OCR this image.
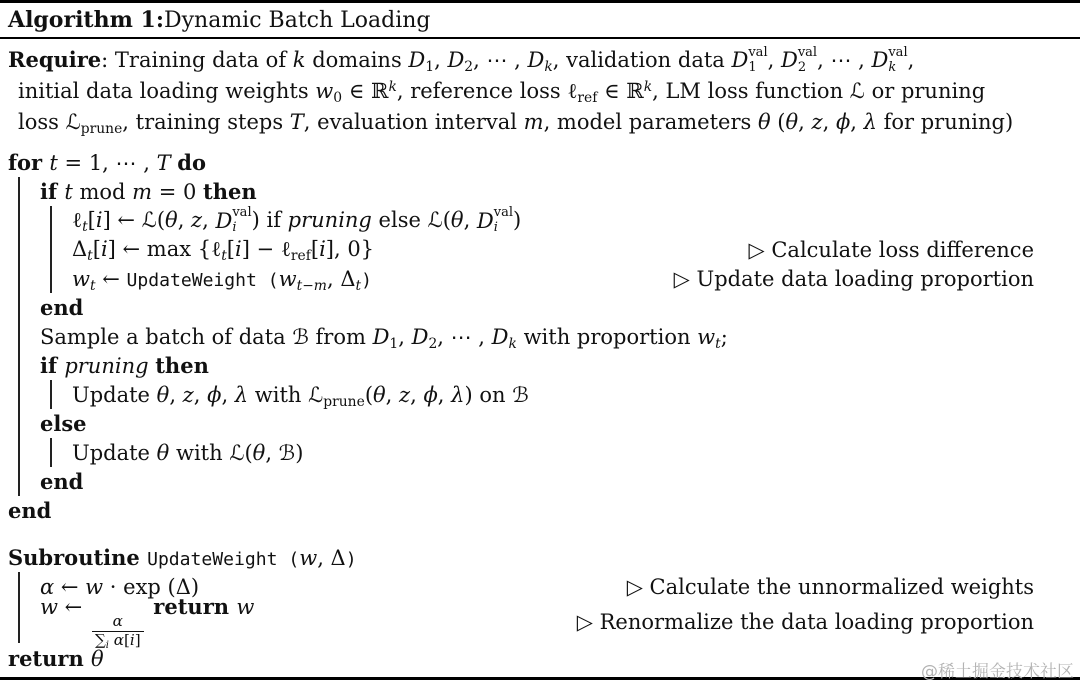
Algorithm 1: Dynamic Batch Loading
Require: Training data of k domains $D_1$, $D_2$, ⋯ , $D_k$, validation data D val
1 , D val
2 , ⋯ , D val
k ,
initial data loading weights $w_0$ ∈ ℝ$^k$, reference loss ℓ$_{ref}$ ∈ ℝ$^k$, LM loss function ℒ or pruning
loss ℒ$_{prune}$, training steps T, evaluation interval m, model parameters θ (θ, z, ϕ, λ for pruning)
for t = 1, ⋯ , T do
if t mod m = 0 then
ℓ$_t$[i] ← ℒ(θ, z, D val
i ) if pruning else ℒ(θ, D val
i )
$\Delta_t[i]$ ← max {ℓ$_t$[i] − ℓ$_{ref}$[i], 0}	▷ Calculate loss difference
$w_t$ ← UpdateWeight ($w_{t-m}$, $\Delta_t$)	▷ Update data loading proportion
end
Sample a batch of data ℬ from $D_1$, $D_2$, ⋯ , $D_k$ with proportion $w_t$;
if pruning then
Update θ, z, ϕ, λ with ℒ$_{prune}$(θ, z, ϕ, λ) on ℬ
else
Update θ with ℒ(θ, ℬ)
end
end
Subroutine UpdateWeight (w, Δ)
α ← w · exp (Δ)	▷ Calculate the unnormalized weights
w ←
$\frac{\alpha}{\sum_i \alpha[i]}$
return w
▷ Renormalize the data loading proportion
return θ
@稀土掘金技术社区
